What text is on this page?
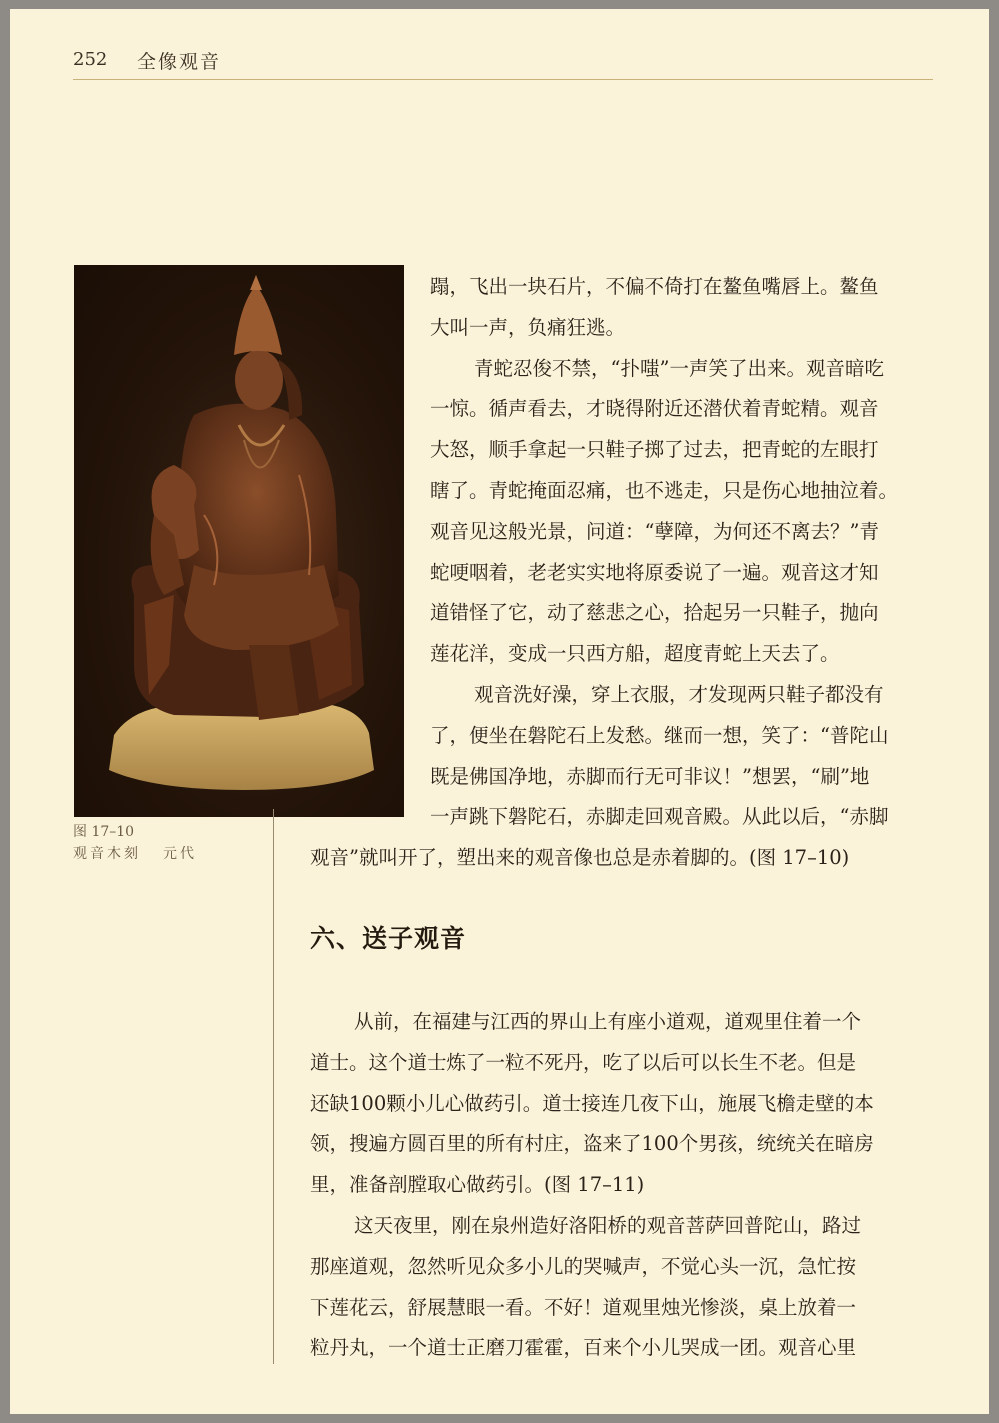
252 全像观音
图 17–10
观音木刻 元代
蹋，飞出一块石片，不偏不倚打在鳌鱼嘴唇上。鳌鱼
大叫一声，负痛狂逃。
青蛇忍俊不禁，“扑嗤”一声笑了出来。观音暗吃
一惊。循声看去，才晓得附近还潜伏着青蛇精。观音
大怒，顺手拿起一只鞋子掷了过去，把青蛇的左眼打
瞎了。青蛇掩面忍痛，也不逃走，只是伤心地抽泣着。
观音见这般光景，问道：“孽障，为何还不离去？”青
蛇哽咽着，老老实实地将原委说了一遍。观音这才知
道错怪了它，动了慈悲之心，拾起另一只鞋子，抛向
莲花洋，变成一只西方船，超度青蛇上天去了。
观音洗好澡，穿上衣服，才发现两只鞋子都没有
了，便坐在磐陀石上发愁。继而一想，笑了：“普陀山
既是佛国净地，赤脚而行无可非议！”想罢，“刷”地
一声跳下磐陀石，赤脚走回观音殿。从此以后，“赤脚
观音”就叫开了，塑出来的观音像也总是赤着脚的。(图 17–10)
六、送子观音
从前，在福建与江西的界山上有座小道观，道观里住着一个
道士。这个道士炼了一粒不死丹，吃了以后可以长生不老。但是
还缺100颗小儿心做药引。道士接连几夜下山，施展飞檐走壁的本
领，搜遍方圆百里的所有村庄，盗来了100个男孩，统统关在暗房
里，准备剖膛取心做药引。(图 17–11)
这天夜里，刚在泉州造好洛阳桥的观音菩萨回普陀山，路过
那座道观，忽然听见众多小儿的哭喊声，不觉心头一沉，急忙按
下莲花云，舒展慧眼一看。不好！道观里烛光惨淡，桌上放着一
粒丹丸，一个道士正磨刀霍霍，百来个小儿哭成一团。观音心里
